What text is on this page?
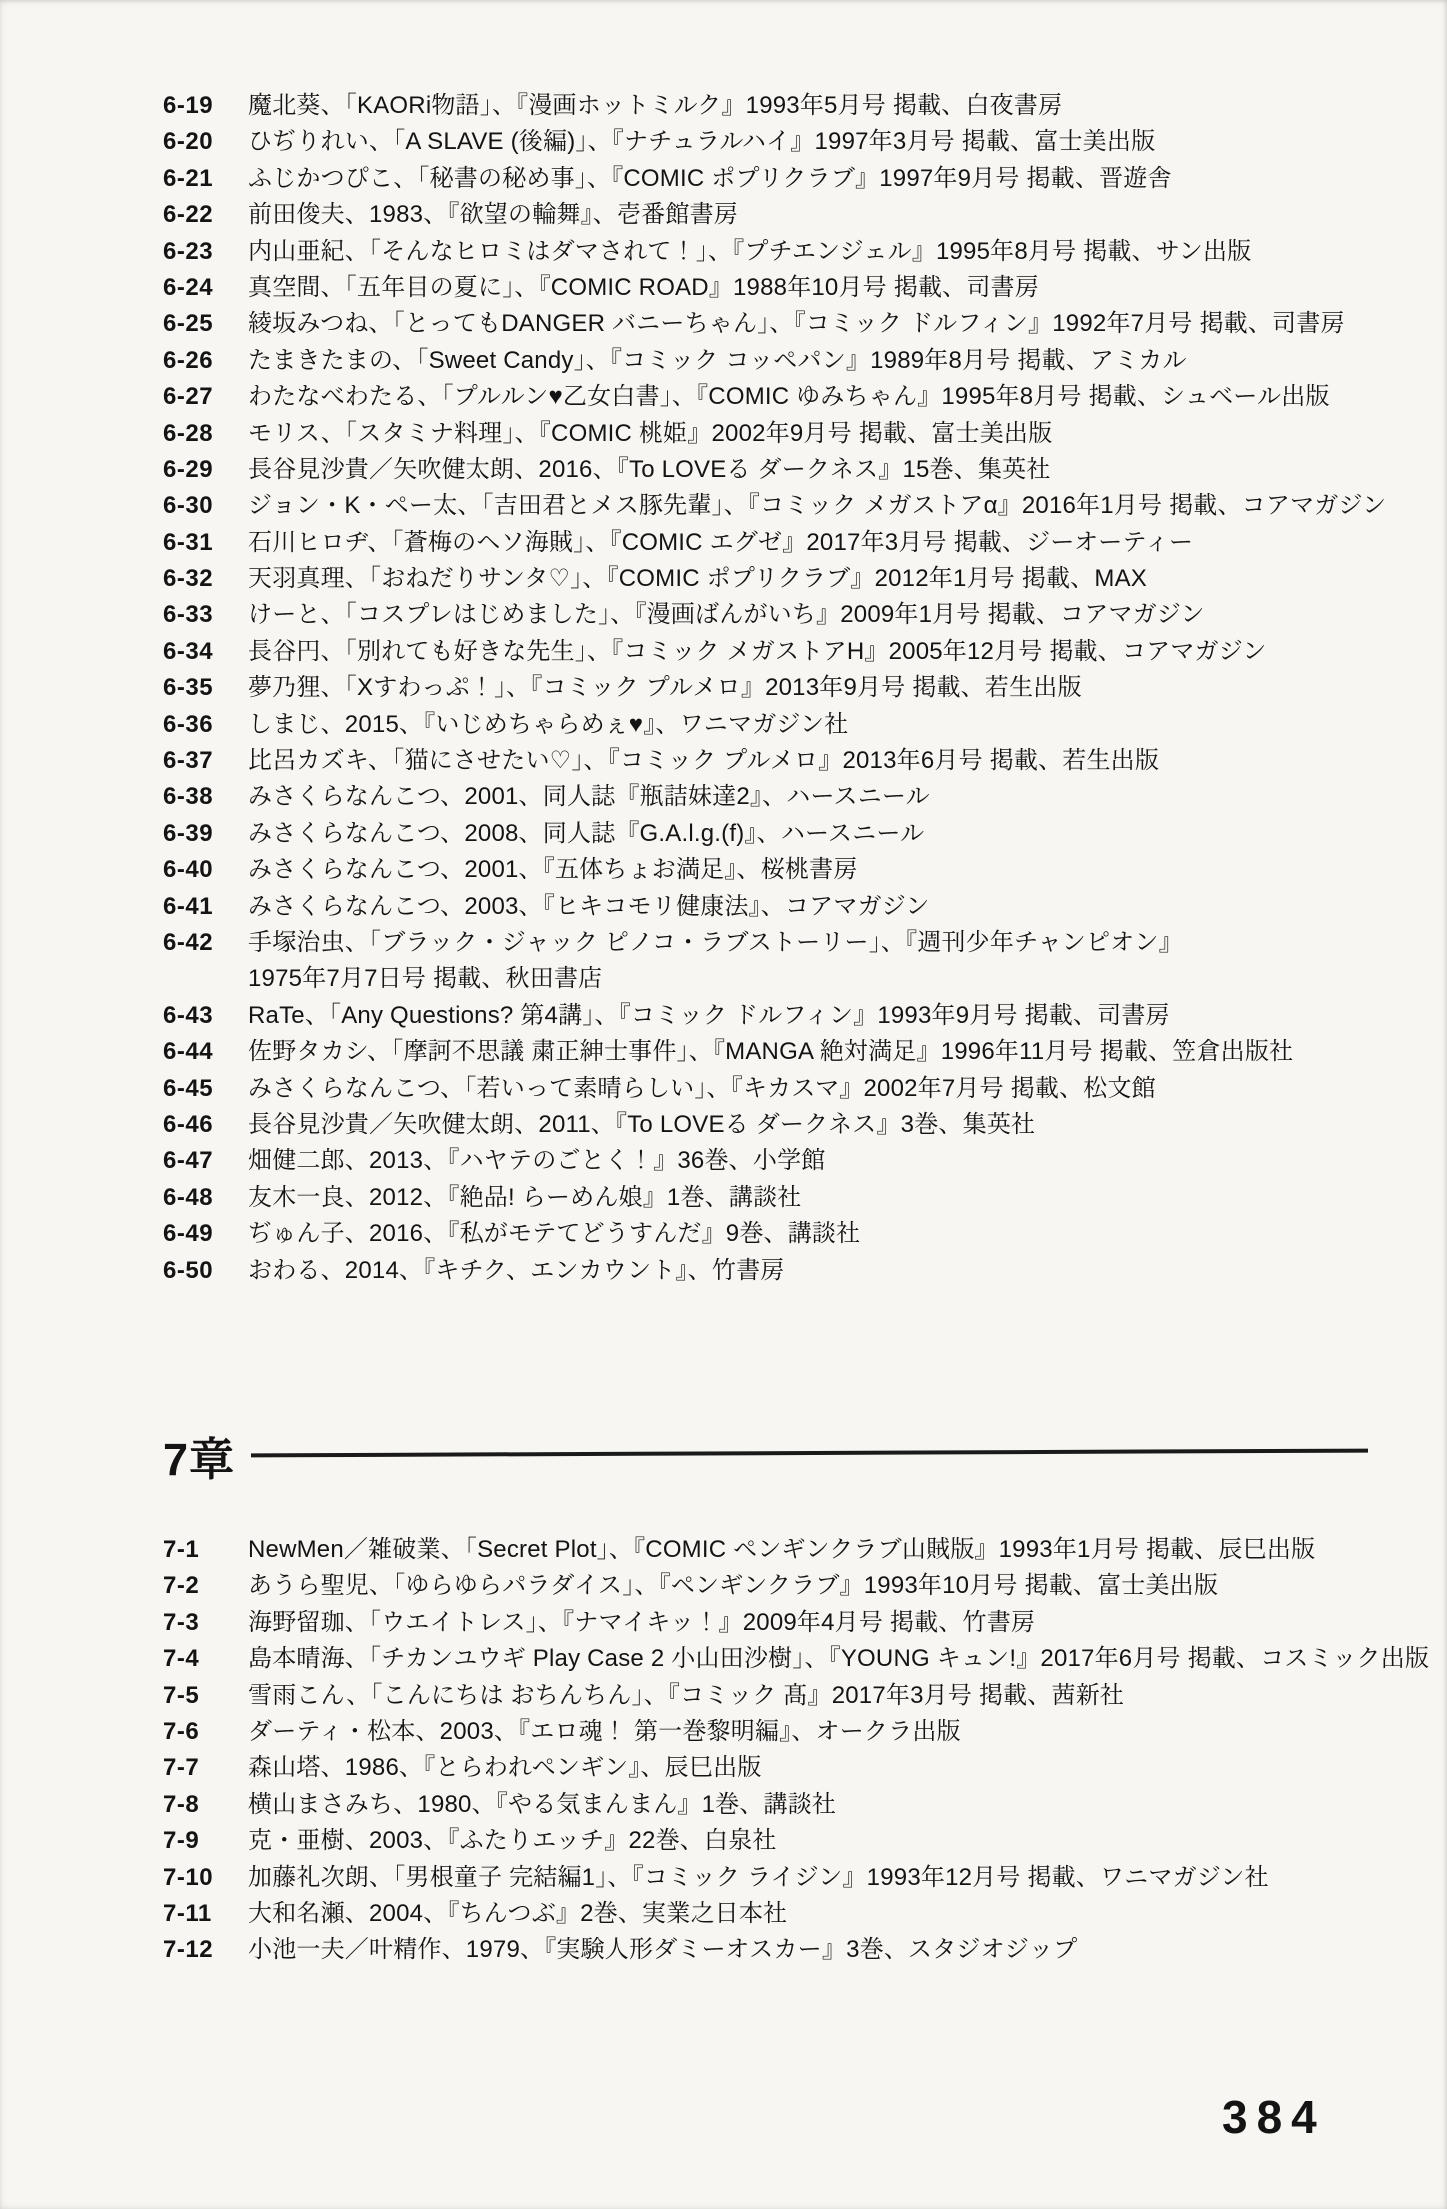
6-19	魔北葵、「KAORi物語」、『漫画ホットミルク』1993年5月号 掲載、白夜書房
6-20	ひぢりれい、「A SLAVE (後編)」、『ナチュラルハイ』1997年3月号 掲載、富士美出版
6-21	ふじかつぴこ、「秘書の秘め事」、『COMIC ポプリクラブ』1997年9月号 掲載、晋遊舎
6-22	前田俊夫、1983、『欲望の輪舞』、壱番館書房
6-23	内山亜紀、「そんなヒロミはダマされて！」、『プチエンジェル』1995年8月号 掲載、サン出版
6-24	真空間、「五年目の夏に」、『COMIC ROAD』1988年10月号 掲載、司書房
6-25	綾坂みつね、「とってもDANGER バニーちゃん」、『コミック ドルフィン』1992年7月号 掲載、司書房
6-26	たまきたまの、「Sweet Candy」、『コミック コッペパン』1989年8月号 掲載、アミカル
6-27	わたなべわたる、「プルルン♥乙女白書」、『COMIC ゆみちゃん』1995年8月号 掲載、シュベール出版
6-28	モリス、「スタミナ料理」、『COMIC 桃姫』2002年9月号 掲載、富士美出版
6-29	長谷見沙貴／矢吹健太朗、2016、『To LOVEる ダークネス』15巻、集英社
6-30	ジョン・K・ペー太、「吉田君とメス豚先輩」、『コミック メガストアα』2016年1月号 掲載、コアマガジン
6-31	石川ヒロヂ、「蒼梅のヘソ海賊」、『COMIC エグゼ』2017年3月号 掲載、ジーオーティー
6-32	天羽真理、「おねだりサンタ♡」、『COMIC ポプリクラブ』2012年1月号 掲載、MAX
6-33	けーと、「コスプレはじめました」、『漫画ばんがいち』2009年1月号 掲載、コアマガジン
6-34	長谷円、「別れても好きな先生」、『コミック メガストアH』2005年12月号 掲載、コアマガジン
6-35	夢乃狸、「Xすわっぷ！」、『コミック プルメロ』2013年9月号 掲載、若生出版
6-36	しまじ、2015、『いじめちゃらめぇ♥』、ワニマガジン社
6-37	比呂カズキ、「猫にさせたい♡」、『コミック プルメロ』2013年6月号 掲載、若生出版
6-38	みさくらなんこつ、2001、同人誌『瓶詰妹達2』、ハースニール
6-39	みさくらなんこつ、2008、同人誌『G.A.l.g.(f)』、ハースニール
6-40	みさくらなんこつ、2001、『五体ちょお満足』、桜桃書房
6-41	みさくらなんこつ、2003、『ヒキコモリ健康法』、コアマガジン
6-42	手塚治虫、「ブラック・ジャック ピノコ・ラブストーリー」、『週刊少年チャンピオン』
1975年7月7日号 掲載、秋田書店
6-43	RaTe、「Any Questions? 第4講」、『コミック ドルフィン』1993年9月号 掲載、司書房
6-44	佐野タカシ、「摩訶不思議 粛正紳士事件」、『MANGA 絶対満足』1996年11月号 掲載、笠倉出版社
6-45	みさくらなんこつ、「若いって素晴らしい」、『キカスマ』2002年7月号 掲載、松文館
6-46	長谷見沙貴／矢吹健太朗、2011、『To LOVEる ダークネス』3巻、集英社
6-47	畑健二郎、2013、『ハヤテのごとく！』36巻、小学館
6-48	友木一良、2012、『絶品! らーめん娘』1巻、講談社
6-49	ぢゅん子、2016、『私がモテてどうすんだ』9巻、講談社
6-50	おわる、2014、『キチク、エンカウント』、竹書房
7章
7-1	NewMen／雑破業、「Secret Plot」、『COMIC ペンギンクラブ山賊版』1993年1月号 掲載、辰巳出版
7-2	あうら聖児、「ゆらゆらパラダイス」、『ペンギンクラブ』1993年10月号 掲載、富士美出版
7-3	海野留珈、「ウエイトレス」、『ナマイキッ！』2009年4月号 掲載、竹書房
7-4	島本晴海、「チカンユウギ Play Case 2 小山田沙樹」、『YOUNG キュン!』2017年6月号 掲載、コスミック出版
7-5	雪雨こん、「こんにちは おちんちん」、『コミック 髙』2017年3月号 掲載、茜新社
7-6	ダーティ・松本、2003、『エロ魂！ 第一巻黎明編』、オークラ出版
7-7	森山塔、1986、『とらわれペンギン』、辰巳出版
7-8	横山まさみち、1980、『やる気まんまん』1巻、講談社
7-9	克・亜樹、2003、『ふたりエッチ』22巻、白泉社
7-10	加藤礼次朗、「男根童子 完結編1」、『コミック ライジン』1993年12月号 掲載、ワニマガジン社
7-11	大和名瀬、2004、『ちんつぶ』2巻、実業之日本社
7-12	小池一夫／叶精作、1979、『実験人形ダミーオスカー』3巻、スタジオジップ
384
